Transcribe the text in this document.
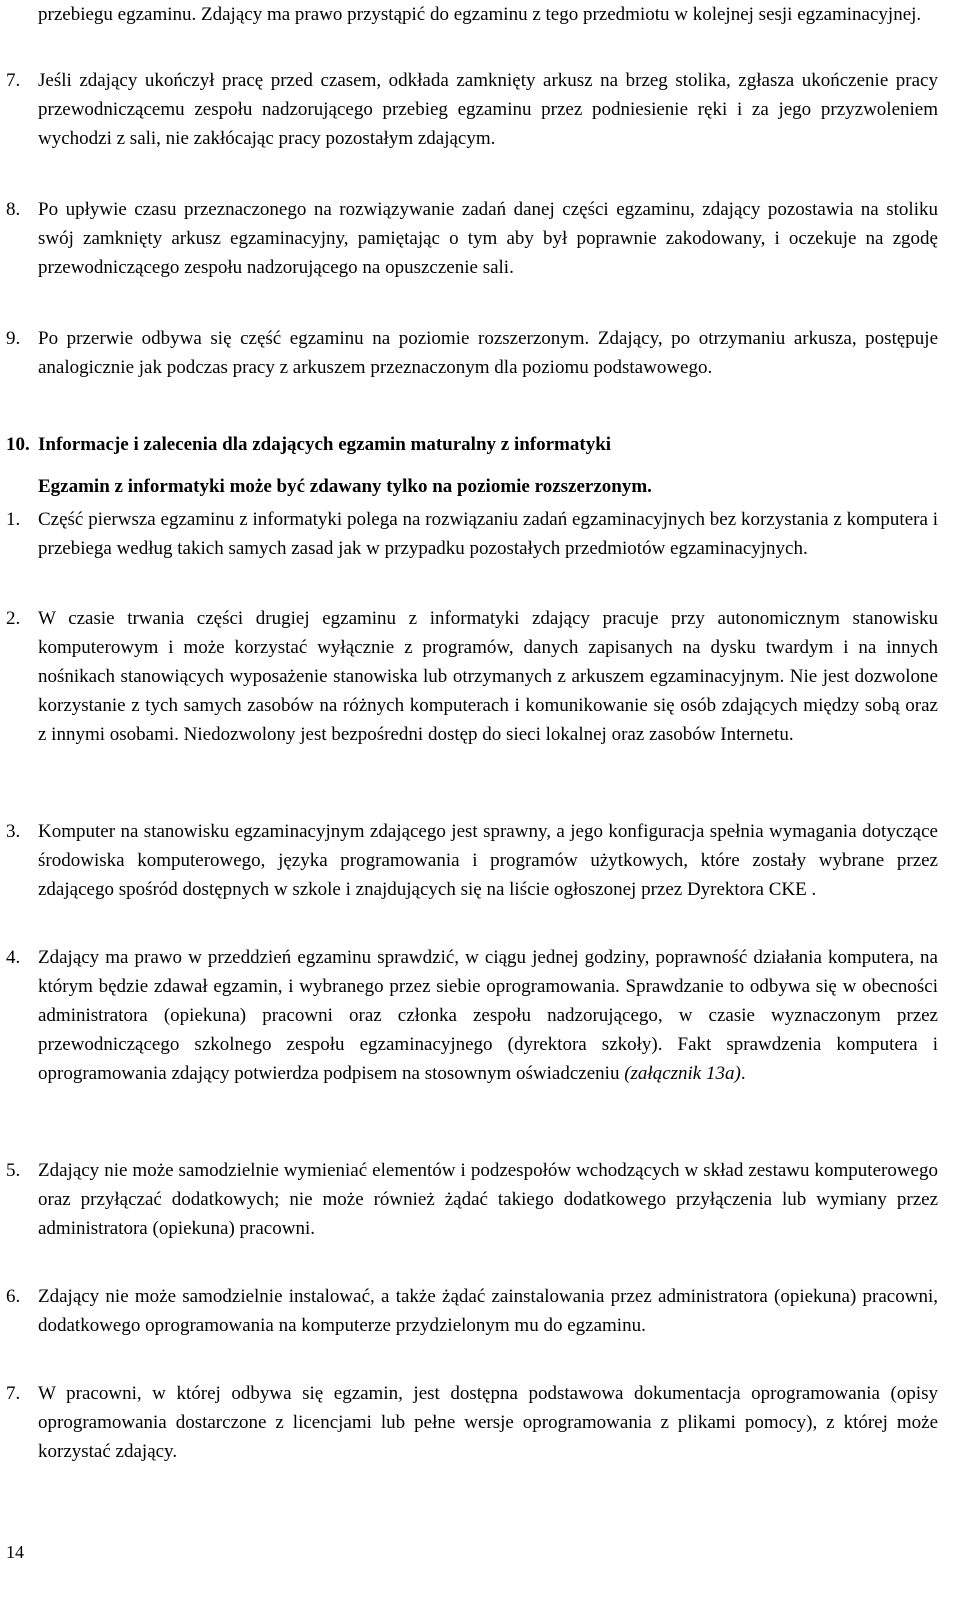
przebiegu egzaminu. Zdający ma prawo przystąpić do egzaminu z tego przedmiotu w kolejnej sesji egzaminacyjnej.

7. Jeśli zdający ukończył pracę przed czasem, odkłada zamknięty arkusz na brzeg stolika, zgłasza ukończenie pracy przewodniczącemu zespołu nadzorującego przebieg egzaminu przez podniesienie ręki i za jego przyzwoleniem wychodzi z sali, nie zakłócając pracy pozostałym zdającym.

8. Po upływie czasu przeznaczonego na rozwiązywanie zadań danej części egzaminu, zdający pozostawia na stoliku swój zamknięty arkusz egzaminacyjny, pamiętając o tym aby był poprawnie zakodowany, i oczekuje na zgodę przewodniczącego zespołu nadzorującego na opuszczenie sali.

9. Po przerwie odbywa się część egzaminu na poziomie rozszerzonym. Zdający, po otrzymaniu arkusza, postępuje analogicznie jak podczas pracy z arkuszem przeznaczonym dla poziomu podstawowego.

10. Informacje i zalecenia dla zdających egzamin maturalny z informatyki

Egzamin z informatyki może być zdawany tylko na poziomie rozszerzonym.

1. Część pierwsza egzaminu z informatyki polega na rozwiązaniu zadań egzaminacyjnych bez korzystania z komputera i przebiega według takich samych zasad jak w przypadku pozostałych przedmiotów egzaminacyjnych.

2. W czasie trwania części drugiej egzaminu z informatyki zdający pracuje przy autonomicznym stanowisku komputerowym i może korzystać wyłącznie z programów, danych zapisanych na dysku twardym i na innych nośnikach stanowiących wyposażenie stanowiska lub otrzymanych z arkuszem egzaminacyjnym. Nie jest dozwolone korzystanie z tych samych zasobów na różnych komputerach i komunikowanie się osób zdających między sobą oraz z innymi osobami. Niedozwolony jest bezpośredni dostęp do sieci lokalnej oraz zasobów Internetu.

3. Komputer na stanowisku egzaminacyjnym zdającego jest sprawny, a jego konfiguracja spełnia wymagania dotyczące środowiska komputerowego, języka programowania i programów użytkowych, które zostały wybrane przez zdającego spośród dostępnych w szkole i znajdujących się na liście ogłoszonej przez Dyrektora CKE .

4. Zdający ma prawo w przeddzień egzaminu sprawdzić, w ciągu jednej godziny, poprawność działania komputera, na którym będzie zdawał egzamin, i wybranego przez siebie oprogramowania. Sprawdzanie to odbywa się w obecności administratora (opiekuna) pracowni oraz członka zespołu nadzorującego, w czasie wyznaczonym przez przewodniczącego szkolnego zespołu egzaminacyjnego (dyrektora szkoły). Fakt sprawdzenia komputera i oprogramowania zdający potwierdza podpisem na stosownym oświadczeniu (załącznik 13a).

5. Zdający nie może samodzielnie wymieniać elementów i podzespołów wchodzących w skład zestawu komputerowego oraz przyłączać dodatkowych; nie może również żądać takiego dodatkowego przyłączenia lub wymiany przez administratora (opiekuna) pracowni.

6. Zdający nie może samodzielnie instalować, a także żądać zainstalowania przez administratora (opiekuna) pracowni, dodatkowego oprogramowania na komputerze przydzielonym mu do egzaminu.

7. W pracowni, w której odbywa się egzamin, jest dostępna podstawowa dokumentacja oprogramowania (opisy oprogramowania dostarczone z licencjami lub pełne wersje oprogramowania z plikami pomocy), z której może korzystać zdający.

14
